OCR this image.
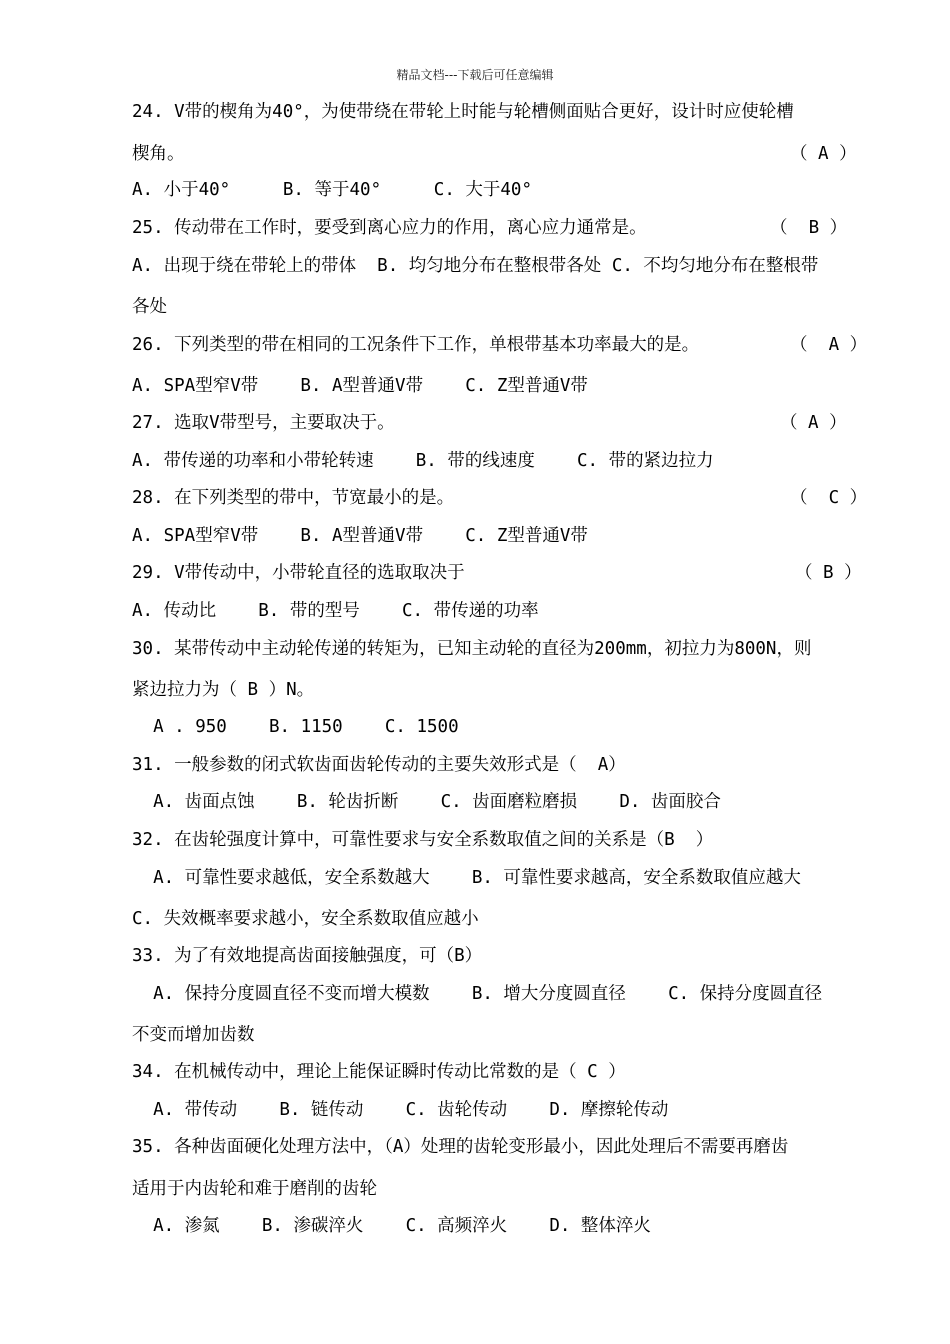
精品文档---下载后可任意编辑
24. V带的楔角为40°，为使带绕在带轮上时能与轮槽侧面贴合更好，设计时应使轮槽
楔角。	（ A ）
A. 小于40°     B. 等于40°     C. 大于40°
25. 传动带在工作时，要受到离心应力的作用，离心应力通常是。	（  B ）
A. 出现于绕在带轮上的带体  B. 均匀地分布在整根带各处 C. 不均匀地分布在整根带
各处
26. 下列类型的带在相同的工况条件下工作，单根带基本功率最大的是。	（  A ）
A. SPA型窄V带    B. A型普通V带    C. Z型普通V带
27. 选取V带型号，主要取决于。	（ A ）
A. 带传递的功率和小带轮转速    B. 带的线速度    C. 带的紧边拉力
28. 在下列类型的带中，节宽最小的是。	（  C ）
A. SPA型窄V带    B. A型普通V带    C. Z型普通V带
29. V带传动中，小带轮直径的选取取决于	（ B ）
A. 传动比    B. 带的型号    C. 带传递的功率
30. 某带传动中主动轮传递的转矩为，已知主动轮的直径为200mm，初拉力为800N，则
紧边拉力为（ B ）N。
A . 950    B. 1150    C. 1500
31. 一般参数的闭式软齿面齿轮传动的主要失效形式是（  A）
A. 齿面点蚀    B. 轮齿折断    C. 齿面磨粒磨损    D. 齿面胶合
32. 在齿轮强度计算中，可靠性要求与安全系数取值之间的关系是（B  ）
A. 可靠性要求越低，安全系数越大    B. 可靠性要求越高，安全系数取值应越大
C. 失效概率要求越小，安全系数取值应越小
33. 为了有效地提高齿面接触强度，可（B）
A. 保持分度圆直径不变而增大模数    B. 增大分度圆直径    C. 保持分度圆直径
不变而增加齿数
34. 在机械传动中，理论上能保证瞬时传动比常数的是（ C ）
A. 带传动    B. 链传动    C. 齿轮传动    D. 摩擦轮传动
35. 各种齿面硬化处理方法中，（A）处理的齿轮变形最小，因此处理后不需要再磨齿
适用于内齿轮和难于磨削的齿轮
A. 渗氮    B. 渗碳淬火    C. 高频淬火    D. 整体淬火
